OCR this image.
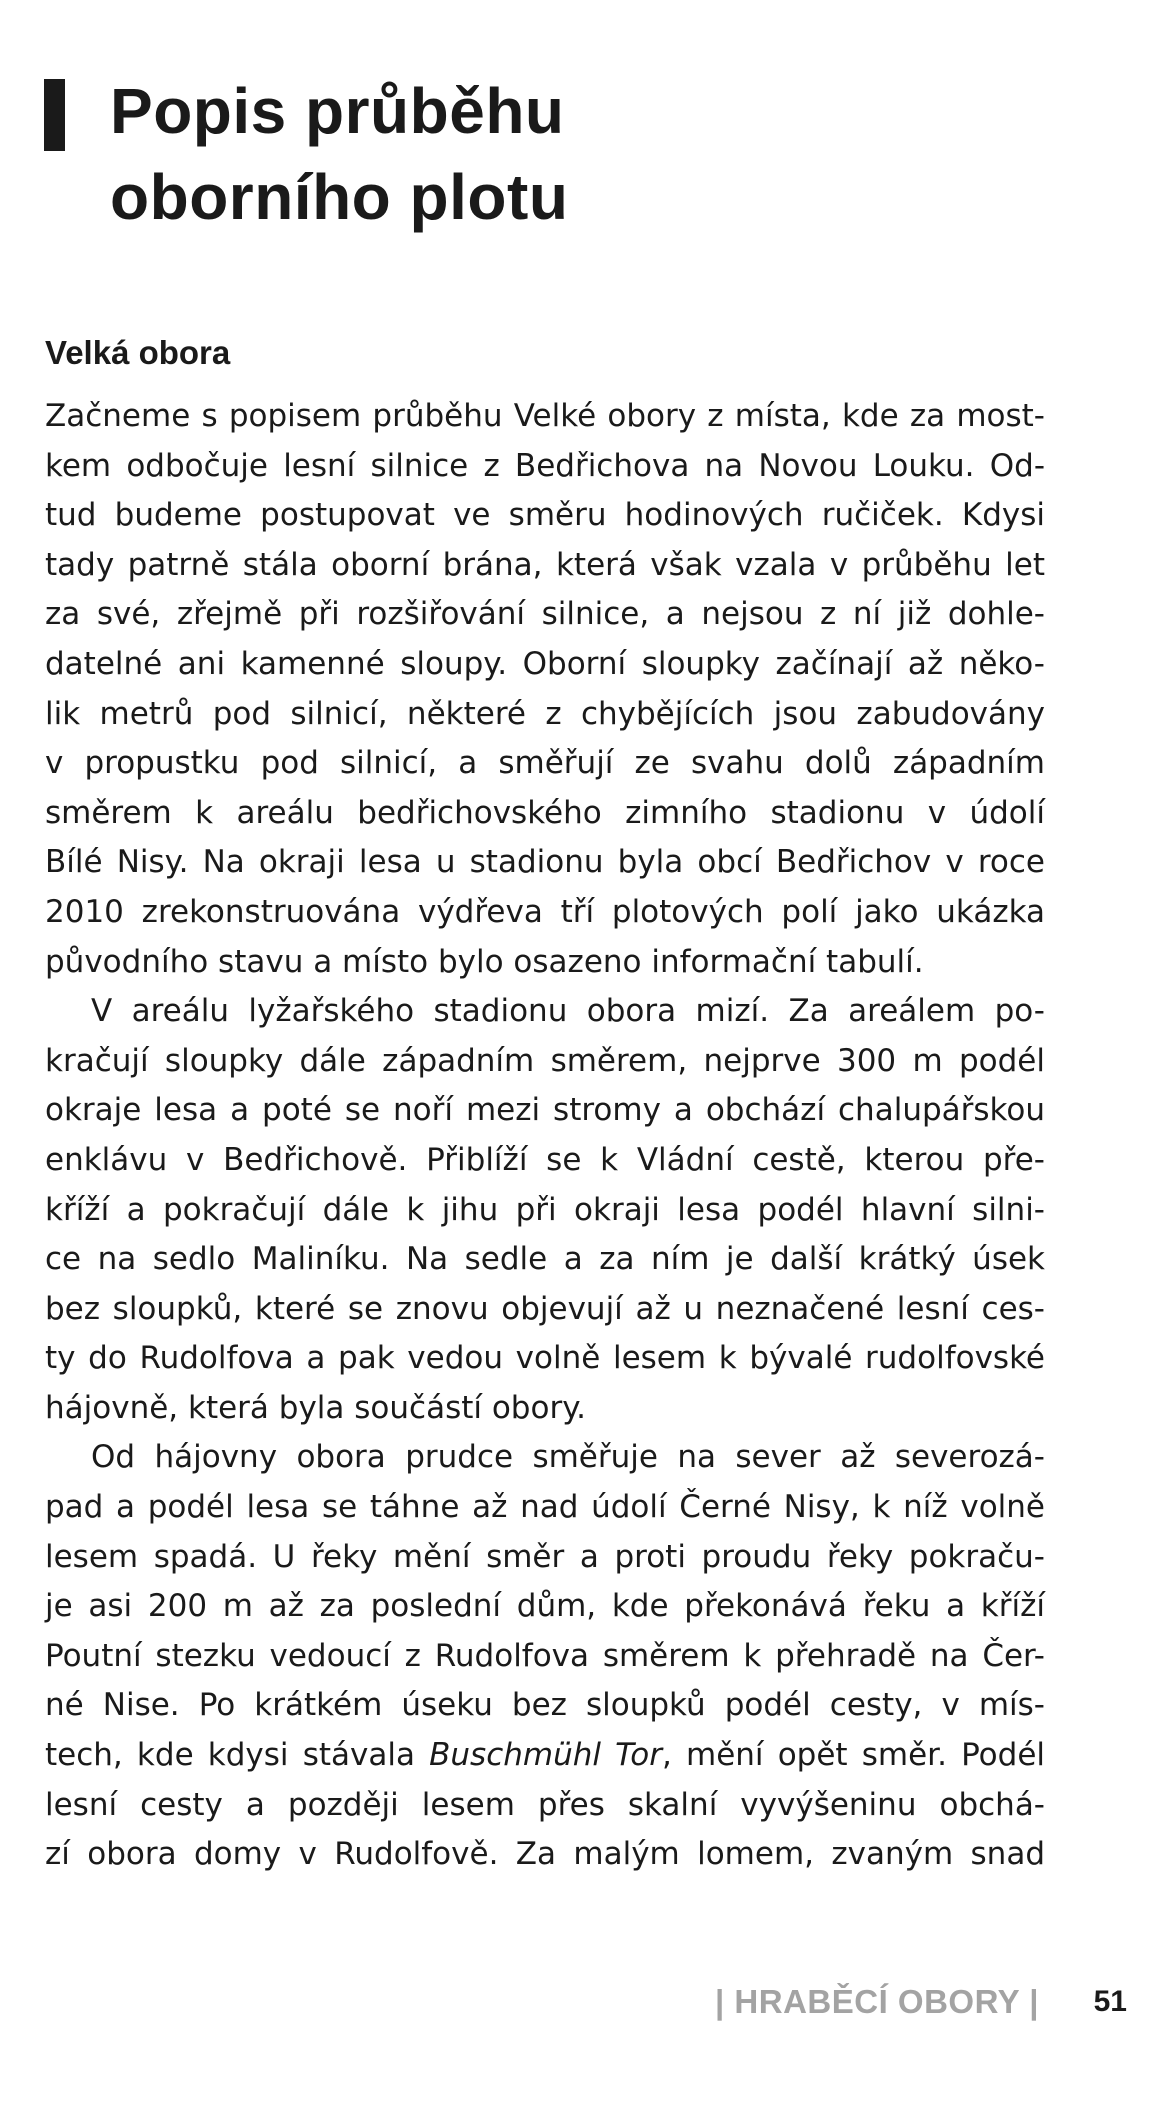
Popis průběhu
oborního plotu
Velká obora
Začneme s popisem průběhu Velké obory z místa, kde za most-
kem odbočuje lesní silnice z Bedřichova na Novou Louku. Od-
tud budeme postupovat ve směru hodinových ručiček. Kdysi
tady patrně stála oborní brána, která však vzala v průběhu let
za své, zřejmě při rozšiřování silnice, a nejsou z ní již dohle-
datelné ani kamenné sloupy. Oborní sloupky začínají až něko-
lik metrů pod silnicí, některé z chybějících jsou zabudovány
v propustku pod silnicí, a směřují ze svahu dolů západním
směrem k areálu bedřichovského zimního stadionu v údolí
Bílé Nisy. Na okraji lesa u stadionu byla obcí Bedřichov v roce
2010 zrekonstruována výdřeva tří plotových polí jako ukázka
původního stavu a místo bylo osazeno informační tabulí.
V areálu lyžařského stadionu obora mizí. Za areálem po-
kračují sloupky dále západním směrem, nejprve 300 m podél
okraje lesa a poté se noří mezi stromy a obchází chalupářskou
enklávu v Bedřichově. Přiblíží se k Vládní cestě, kterou pře-
kříží a pokračují dále k jihu při okraji lesa podél hlavní silni-
ce na sedlo Maliníku. Na sedle a za ním je další krátký úsek
bez sloupků, které se znovu objevují až u neznačené lesní ces-
ty do Rudolfova a pak vedou volně lesem k bývalé rudolfovské
hájovně, která byla součástí obory.
Od hájovny obora prudce směřuje na sever až severozá-
pad a podél lesa se táhne až nad údolí Černé Nisy, k níž volně
lesem spadá. U řeky mění směr a proti proudu řeky pokraču-
je asi 200 m až za poslední dům, kde překonává řeku a kříží
Poutní stezku vedoucí z Rudolfova směrem k přehradě na Čer-
né Nise. Po krátkém úseku bez sloupků podél cesty, v mís-
tech, kde kdysi stávala Buschmühl Tor, mění opět směr. Podél
lesní cesty a později lesem přes skalní vyvýšeninu obchá-
zí obora domy v Rudolfově. Za malým lomem, zvaným snad
| HRABĚCÍ OBORY | 51
